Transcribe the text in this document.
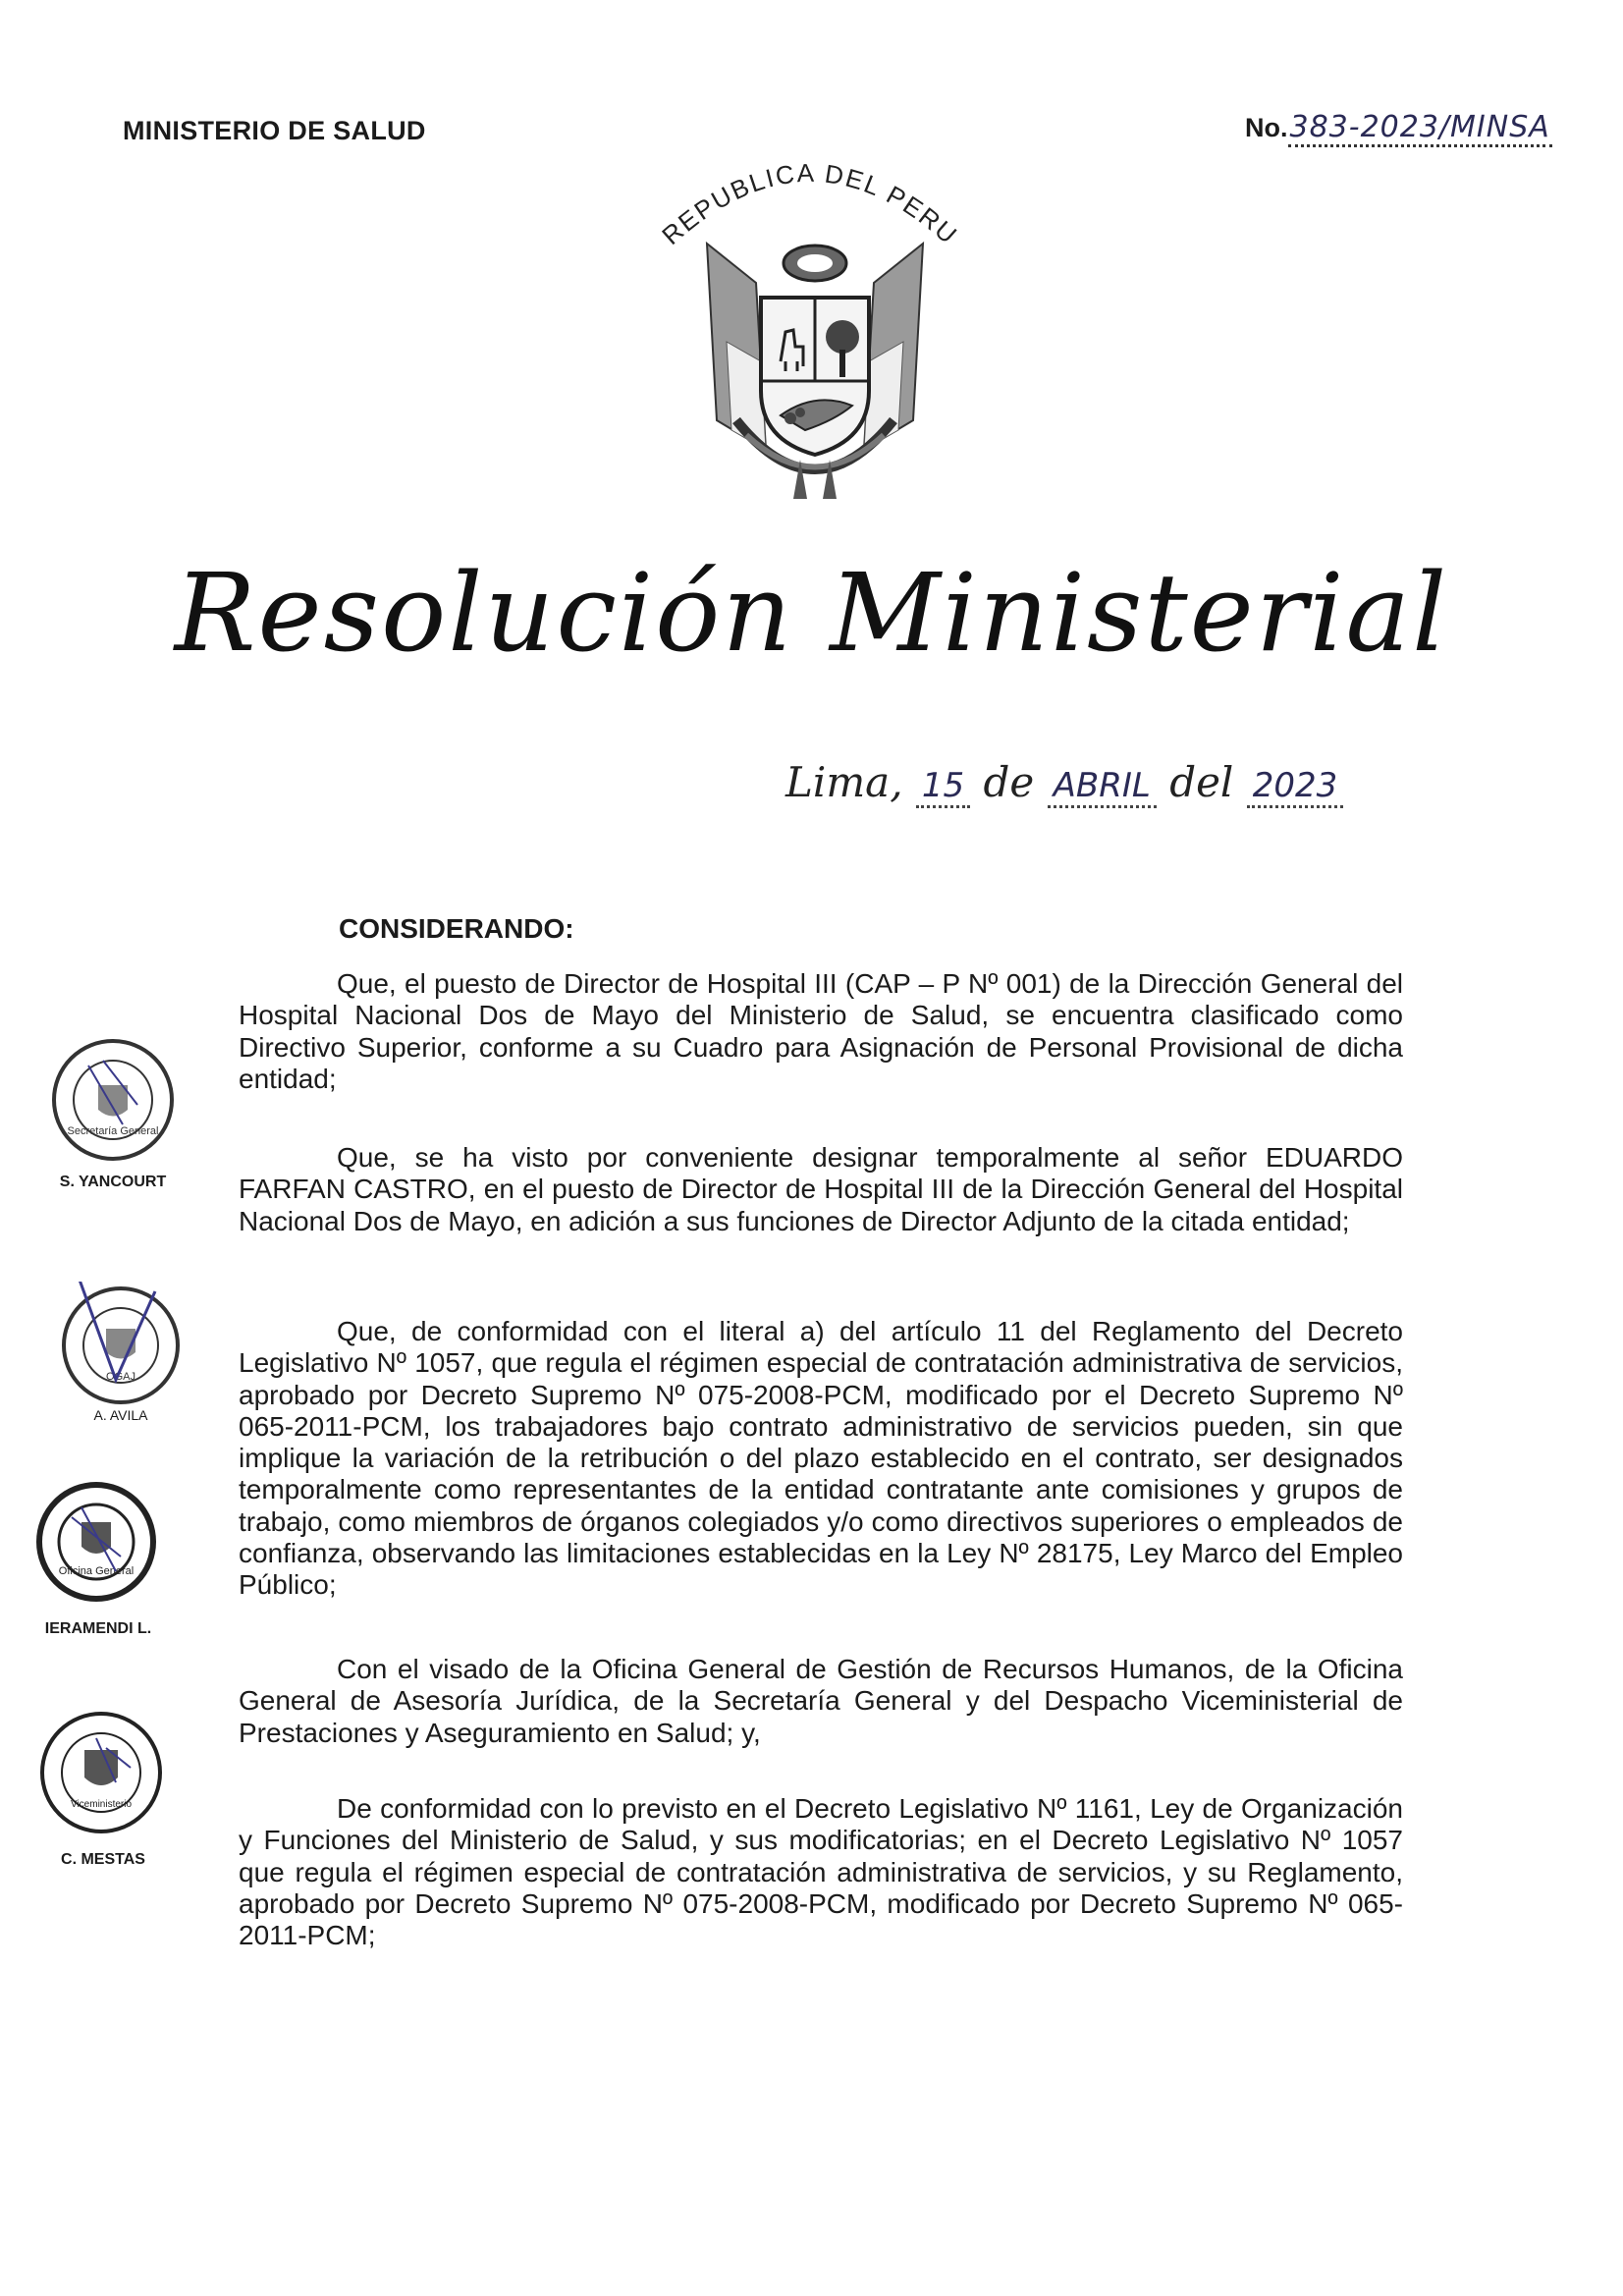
MINISTERIO DE SALUD	No.383-2023/MINSA
REPUBLICA DEL PERU
Resolución Ministerial
Lima, 15 de ABRIL del 2023
CONSIDERANDO:
Que, el puesto de Director de Hospital III (CAP – P Nº 001) de la Dirección General del Hospital Nacional Dos de Mayo del Ministerio de Salud, se encuentra clasificado como Directivo Superior, conforme a su Cuadro para Asignación de Personal Provisional de dicha entidad;
Que, se ha visto por conveniente designar temporalmente al señor EDUARDO FARFAN CASTRO, en el puesto de Director de Hospital III de la Dirección General del Hospital Nacional Dos de Mayo, en adición a sus funciones de Director Adjunto de la citada entidad;
Que, de conformidad con el literal a) del artículo 11 del Reglamento del Decreto Legislativo Nº 1057, que regula el régimen especial de contratación administrativa de servicios, aprobado por Decreto Supremo Nº 075-2008-PCM, modificado por el Decreto Supremo Nº 065-2011-PCM, los trabajadores bajo contrato administrativo de servicios pueden, sin que implique la variación de la retribución o del plazo establecido en el contrato, ser designados temporalmente como representantes de la entidad contratante ante comisiones y grupos de trabajo, como miembros de órganos colegiados y/o como directivos superiores o empleados de confianza, observando las limitaciones establecidas en la Ley Nº 28175, Ley Marco del Empleo Público;
Con el visado de la Oficina General de Gestión de Recursos Humanos, de la Oficina General de Asesoría Jurídica, de la Secretaría General y del Despacho Viceministerial de Prestaciones y Aseguramiento en Salud; y,
De conformidad con lo previsto en el Decreto Legislativo Nº 1161, Ley de Organización y Funciones del Ministerio de Salud, y sus modificatorias; en el Decreto Legislativo Nº 1057 que regula el régimen especial de contratación administrativa de servicios, y su Reglamento, aprobado por Decreto Supremo Nº 075-2008-PCM, modificado por Decreto Supremo Nº 065-2011-PCM;
Secretaría General
S. YANCOURT
OGAJ
A. AVILA
Oficina General
IERAMENDI L.
Viceministerio
C. MESTAS
